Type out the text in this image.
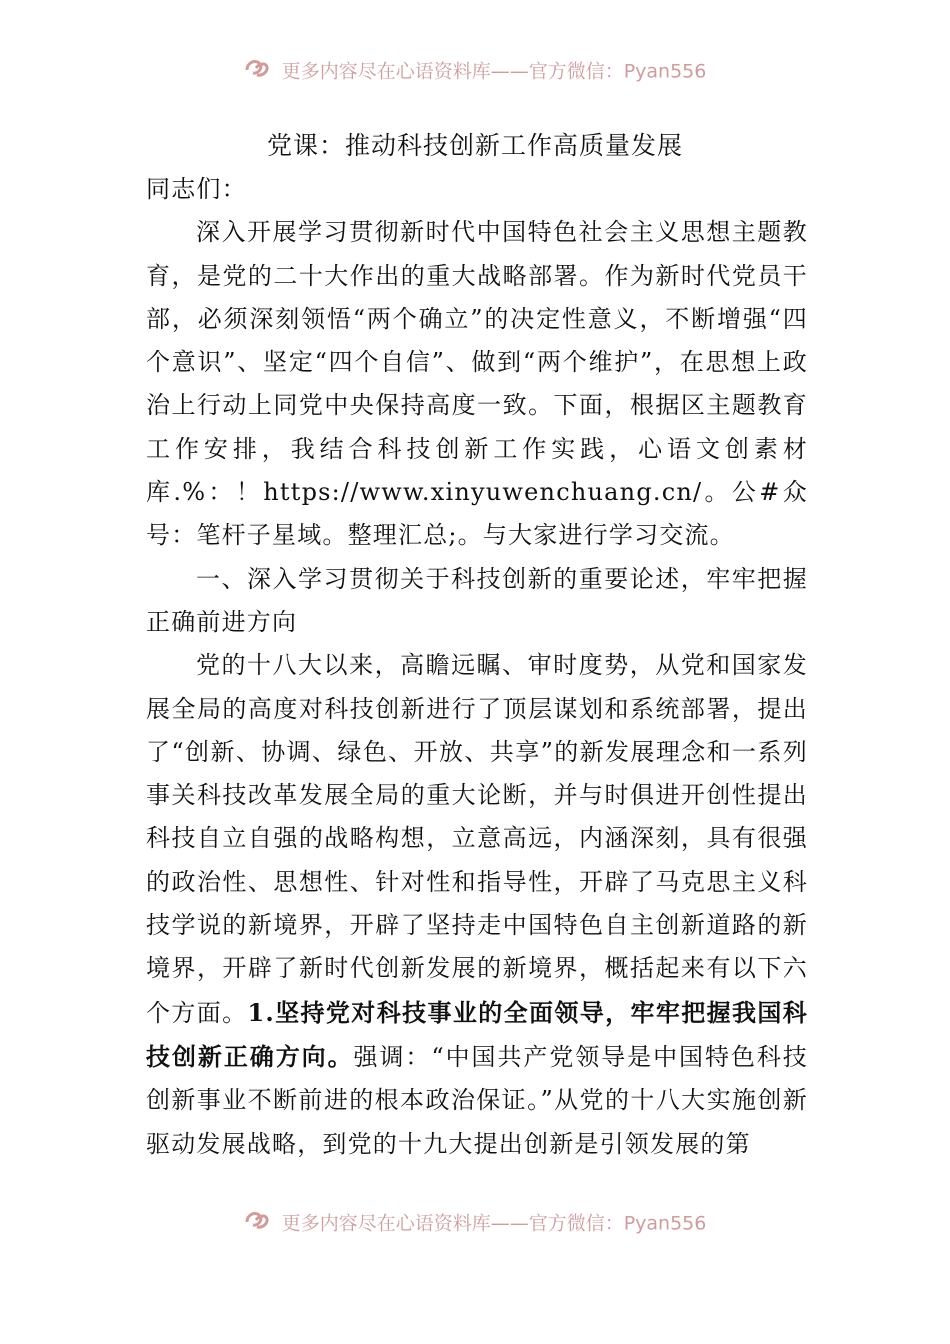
更多内容尽在心语资料库——官方微信：Pyan556
党课：推动科技创新工作高质量发展

同志们：

深入开展学习贯彻新时代中国特色社会主义思想主题教育，是党的二十大作出的重大战略部署。作为新时代党员干部，必须深刻领悟“两个确立”的决定性意义，不断增强“四个意识”、坚定“四个自信”、做到“两个维护”，在思想上政治上行动上同党中央保持高度一致。下面，根据区主题教育工作安排，我结合科技创新工作实践，心语文创素材库.%：！https://www.xinyuwenchuang.cn/。公#众号：笔杆子星域。整理汇总;。与大家进行学习交流。

一、深入学习贯彻关于科技创新的重要论述，牢牢把握正确前进方向

党的十八大以来，高瞻远瞩、审时度势，从党和国家发展全局的高度对科技创新进行了顶层谋划和系统部署，提出了“创新、协调、绿色、开放、共享”的新发展理念和一系列事关科技改革发展全局的重大论断，并与时俱进开创性提出科技自立自强的战略构想，立意高远，内涵深刻，具有很强的政治性、思想性、针对性和指导性，开辟了马克思主义科技学说的新境界，开辟了坚持走中国特色自主创新道路的新境界，开辟了新时代创新发展的新境界，概括起来有以下六个方面。1.坚持党对科技事业的全面领导，牢牢把握我国科技创新正确方向。强调：“中国共产党领导是中国特色科技创新事业不断前进的根本政治保证。”从党的十八大实施创新驱动发展战略，到党的十九大提出创新是引领发展的第

更多内容尽在心语资料库——官方微信：Pyan556
